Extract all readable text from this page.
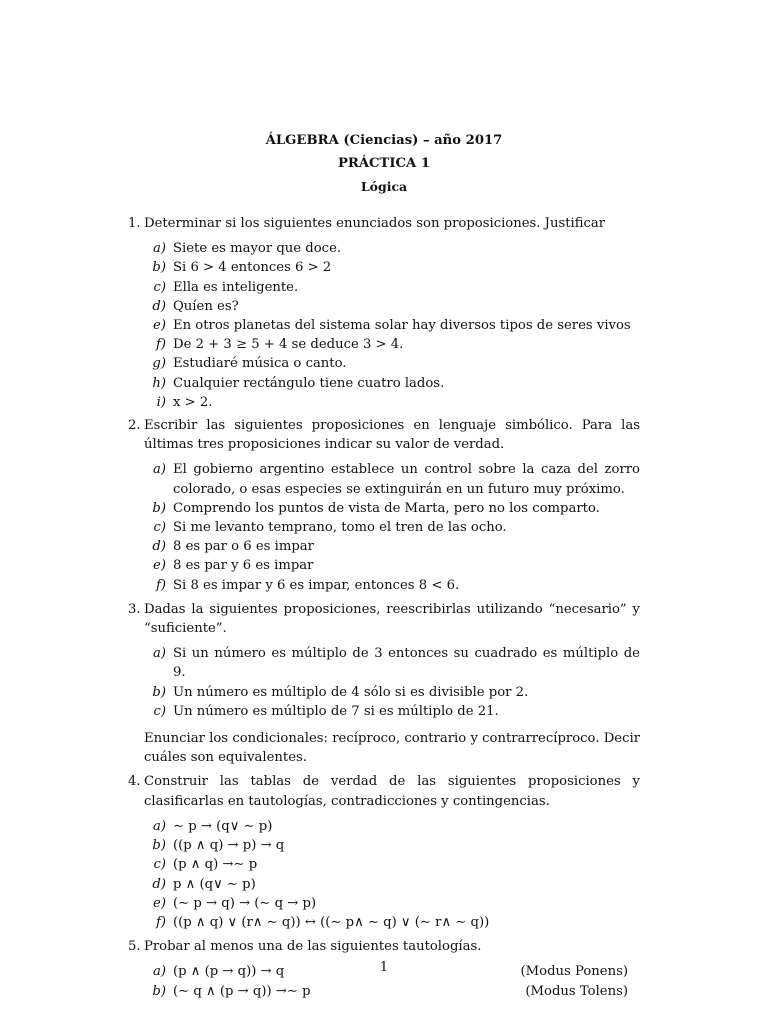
ÁLGEBRA (Ciencias) – año 2017
PRÁCTICA 1
Lógica
1. Determinar si los siguientes enunciados son proposiciones. Justificar
a) Siete es mayor que doce.
b) Si 6 > 4 entonces 6 > 2
c) Ella es inteligente.
d) Quíen es?
e) En otros planetas del sistema solar hay diversos tipos de seres vivos
f) De 2 + 3 ≥ 5 + 4 se deduce 3 > 4.
g) Estudiaré música o canto.
h) Cualquier rectángulo tiene cuatro lados.
i) x > 2.
2. Escribir las siguientes proposiciones en lenguaje simbólico. Para las últimas tres proposiciones indicar su valor de verdad.
a) El gobierno argentino establece un control sobre la caza del zorro colorado, o esas especies se extinguirán en un futuro muy próximo.
b) Comprendo los puntos de vista de Marta, pero no los comparto.
c) Si me levanto temprano, tomo el tren de las ocho.
d) 8 es par o 6 es impar
e) 8 es par y 6 es impar
f) Si 8 es impar y 6 es impar, entonces 8 < 6.
3. Dadas la siguientes proposiciones, reescribirlas utilizando “necesario” y “suficiente”.
a) Si un número es múltiplo de 3 entonces su cuadrado es múltiplo de 9.
b) Un número es múltiplo de 4 sólo si es divisible por 2.
c) Un número es múltiplo de 7 si es múltiplo de 21.
Enunciar los condicionales: recíproco, contrario y contrarrecíproco. Decir cuáles son equivalentes.
4. Construir las tablas de verdad de las siguientes proposiciones y clasificarlas en tautologías, contradicciones y contingencias.
a) ∼ p → (q∨ ∼ p)
b) ((p ∧ q) → p) → q
c) (p ∧ q) →∼ p
d) p ∧ (q∨ ∼ p)
e) (∼ p → q) → (∼ q → p)
f) ((p ∧ q) ∨ (r∧ ∼ q)) ↔ ((∼ p∧ ∼ q) ∨ (∼ r∧ ∼ q))
5. Probar al menos una de las siguientes tautologías.
a) (p ∧ (p → q)) → q	(Modus Ponens)
b) (∼ q ∧ (p → q)) →∼ p	(Modus Tolens)
1
